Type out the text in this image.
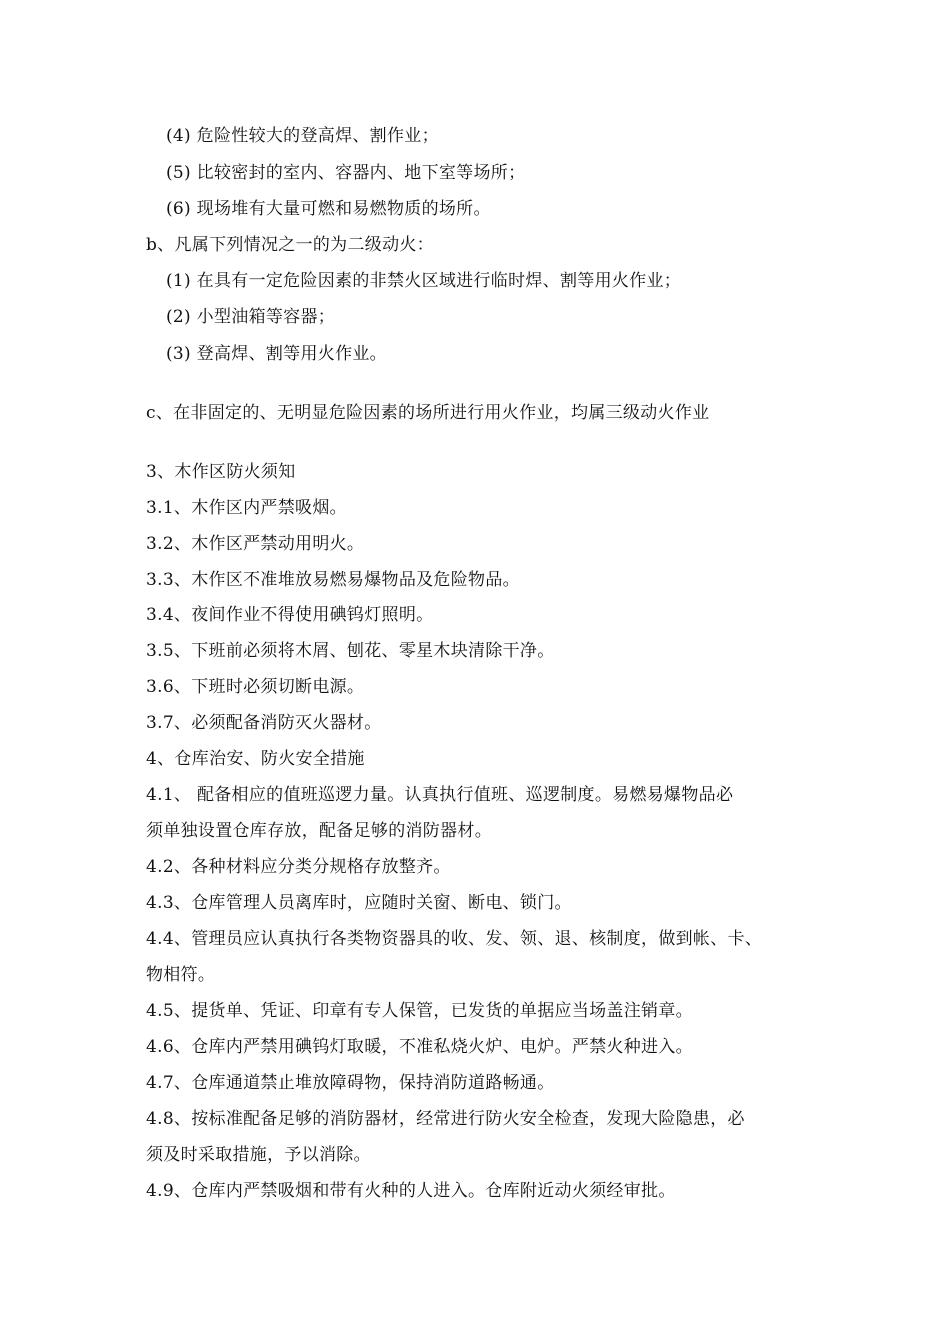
(4) 危险性较大的登高焊、割作业；
(5) 比较密封的室内、容器内、地下室等场所；
(6) 现场堆有大量可燃和易燃物质的场所。
b、凡属下列情况之一的为二级动火：
(1) 在具有一定危险因素的非禁火区域进行临时焊、割等用火作业；
(2) 小型油箱等容器；
(3) 登高焊、割等用火作业。
c、在非固定的、无明显危险因素的场所进行用火作业，均属三级动火作业
3、木作区防火须知
3.1、木作区内严禁吸烟。
3.2、木作区严禁动用明火。
3.3、木作区不准堆放易燃易爆物品及危险物品。
3.4、夜间作业不得使用碘钨灯照明。
3.5、下班前必须将木屑、刨花、零星木块清除干净。
3.6、下班时必须切断电源。
3.7、必须配备消防灭火器材。
4、仓库治安、防火安全措施
4.1、 配备相应的值班巡逻力量。认真执行值班、巡逻制度。易燃易爆物品必
须单独设置仓库存放，配备足够的消防器材。
4.2、各种材料应分类分规格存放整齐。
4.3、仓库管理人员离库时，应随时关窗、断电、锁门。
4.4、管理员应认真执行各类物资器具的收、发、领、退、核制度，做到帐、卡、
物相符。
4.5、提货单、凭证、印章有专人保管，已发货的单据应当场盖注销章。
4.6、仓库内严禁用碘钨灯取暖，不准私烧火炉、电炉。严禁火种进入。
4.7、仓库通道禁止堆放障碍物，保持消防道路畅通。
4.8、按标准配备足够的消防器材，经常进行防火安全检查，发现大险隐患，必
须及时采取措施，予以消除。
4.9、仓库内严禁吸烟和带有火种的人进入。仓库附近动火须经审批。
